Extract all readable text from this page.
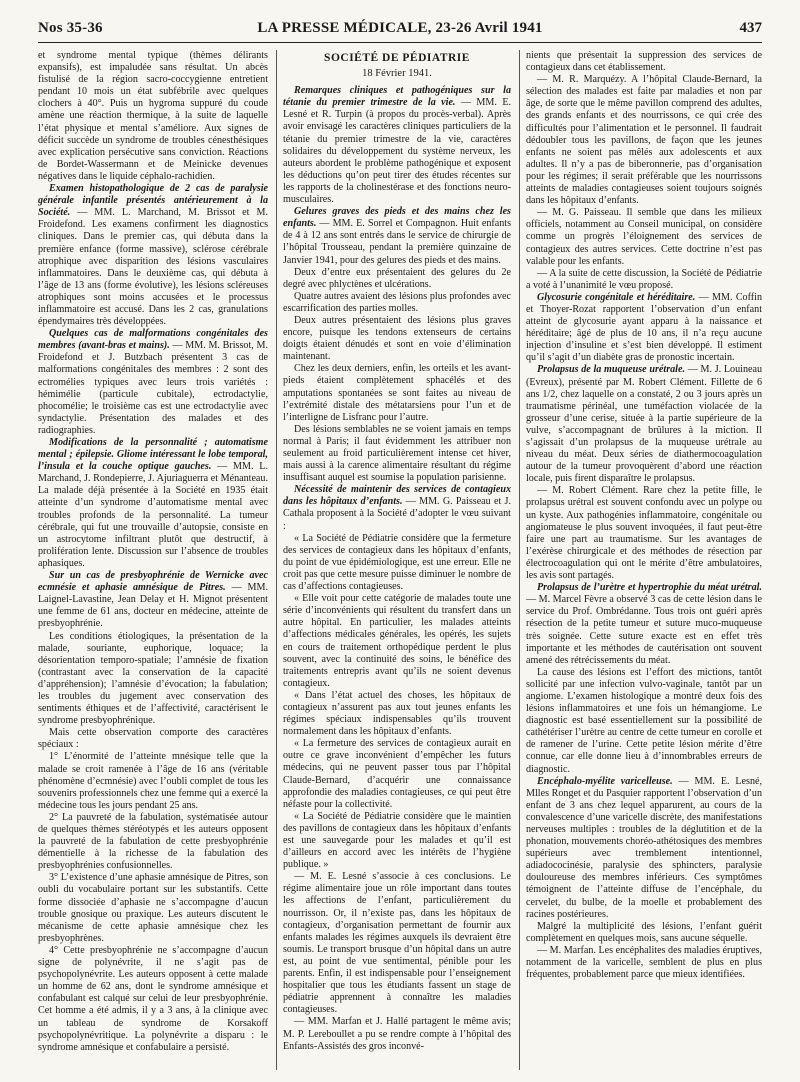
Nos 35-36	LA PRESSE MÉDICALE, 23-26 Avril 1941	437

et syndrome mental typique (thèmes délirants expansifs), est impaludée sans résultat. Un abcès fistulisé de la région sacro-coccygienne entretient pendant 10 mois un état subfébrile avec quelques clochers à 40°. Puis un hygroma suppuré du coude amène une réaction thermique, à la suite de laquelle l’état physique et mental s’améliore. Aux signes de déficit succède un syndrome de troubles cénesthésiques avec explication persécutive sans conviction. Réactions de Bordet-Wassermann et de Meinicke devenues négatives dans le liquide céphalo-rachidien.

Examen histopathologique de 2 cas de paralysie générale infantile présentés antérieurement à la Société. — MM. L. Marchand, M. Brissot et M. Froidefond. Les examens confirment les diagnostics cliniques. Dans le premier cas, qui débuta dans la première enfance (forme massive), sclérose cérébrale atrophique avec disparition des lésions vasculaires inflammatoires. Dans le deuxième cas, qui débuta à l’âge de 13 ans (forme évolutive), les lésions scléreuses atrophiques sont moins accusées et le processus inflammatoire est accusé. Dans les 2 cas, granulations épendymaires très développées.

Quelques cas de malformations congénitales des membres (avant-bras et mains). — MM. M. Brissot, M. Froidefond et J. Butzbach présentent 3 cas de malformations congénitales des membres : 2 sont des ectromélies typiques avec leurs trois variétés : hémimélie (particule cubitale), ectrodactylie, phocomélie; le troisième cas est une ectrodactylie avec syndactylie. Présentation des malades et des radiographies.

Modifications de la personnalité ; automatisme mental ; épilepsie. Gliome intéressant le lobe temporal, l’insula et la couche optique gauches. — MM. L. Marchand, J. Rondepierre, J. Ajuriaguerra et Ménanteau. La malade déjà présentée à la Société en 1935 était atteinte d’un syndrome d’automatisme mental avec troubles profonds de la personnalité. La tumeur cérébrale, qui fut une trouvaille d’autopsie, consiste en un astrocytome infiltrant plutôt que destructif, à prolifération lente. Discussion sur l’absence de troubles aphasiques.

Sur un cas de presbyophrénie de Wernicke avec ecmnésie et aphasie amnésique de Pitres. — MM. Laignel-Lavastine, Jean Delay et H. Mignot présentent une femme de 61 ans, docteur en médecine, atteinte de presbyophrénie.

Les conditions étiologiques, la présentation de la malade, souriante, euphorique, loquace; la désorientation temporo-spatiale; l’amnésie de fixation (contrastant avec la conservation de la capacité d’appréhension); l’amnésie d’évocation; la fabulation; les troubles du jugement avec conservation des sentiments éthiques et de l’affectivité, caractérisent le syndrome presbyophrénique.

Mais cette observation comporte des caractères spéciaux :

1° L’énormité de l’atteinte mnésique telle que la malade se croit ramenée à l’âge de 16 ans (véritable phénomène d’ecmnésie) avec l’oubli complet de tous les souvenirs professionnels chez une femme qui a exercé la médecine tous les jours pendant 25 ans.

2° La pauvreté de la fabulation, systématisée autour de quelques thèmes stéréotypés et les auteurs opposent la pauvreté de la fabulation de cette presbyophrénie démentielle à la richesse de la fabulation des presbyophrénies confusionnelles.

3° L’existence d’une aphasie amnésique de Pitres, son oubli du vocabulaire portant sur les substantifs. Cette forme dissociée d’aphasie ne s’accompagne d’aucun trouble gnosique ou praxique. Les auteurs discutent le mécanisme de cette aphasie amnésique chez les presbyophrènes.

4° Cette presbyophrénie ne s’accompagne d’aucun signe de polynévrite, il ne s’agit pas de psychopolynévrite. Les auteurs opposent à cette malade un homme de 62 ans, dont le syndrome amnésique et confabulant est calqué sur celui de leur presbyophrénie. Cet homme a été admis, il y a 3 ans, à la clinique avec un tableau de syndrome de Korsakoff psychopolynévritique. La polynévrite a disparu : le syndrome amnésique et confabulaire a persisté.

SOCIÉTÉ DE PÉDIATRIE
18 Février 1941.

Remarques cliniques et pathogéniques sur la tétanie du premier trimestre de la vie. — MM. E. Lesné et R. Turpin (à propos du procès-verbal). Après avoir envisagé les caractères cliniques particuliers de la tétanie du premier trimestre de la vie, caractères solidaires du développement du système nerveux, les auteurs abordent le problème pathogénique et exposent les déductions qu’on peut tirer des études récentes sur les rapports de la cholinestérase et des fonctions neuro-musculaires.

Gelures graves des pieds et des mains chez les enfants. — MM. E. Sorrel et Compagnon. Huit enfants de 4 à 12 ans sont entrés dans le service de chirurgie de l’hôpital Trousseau, pendant la première quinzaine de Janvier 1941, pour des gelures des pieds et des mains.

Deux d’entre eux présentaient des gelures du 2e degré avec phlyctènes et ulcérations.

Quatre autres avaient des lésions plus profondes avec escarrification des parties molles.

Deux autres présentaient des lésions plus graves encore, puisque les tendons extenseurs de certains doigts étaient dénudés et sont en voie d’élimination maintenant.

Chez les deux derniers, enfin, les orteils et les avant-pieds étaient complètement sphacélés et des amputations spontanées se sont faites au niveau de l’extrémité distale des métatarsiens pour l’un et de l’interligne de Lisfranc pour l’autre.

Des lésions semblables ne se voient jamais en temps normal à Paris; il faut évidemment les attribuer non seulement au froid particulièrement intense cet hiver, mais aussi à la carence alimentaire résultant du régime insuffisant auquel est soumise la population parisienne.

Nécessité de maintenir des services de contagieux dans les hôpitaux d’enfants. — MM. G. Paisseau et J. Cathala proposent à la Société d’adopter le vœu suivant :

« La Société de Pédiatrie considère que la fermeture des services de contagieux dans les hôpitaux d’enfants, du point de vue épidémiologique, est une erreur. Elle ne croit pas que cette mesure puisse diminuer le nombre de cas d’affections contagieuses.

« Elle voit pour cette catégorie de malades toute une série d’inconvénients qui résultent du transfert dans un autre hôpital. En particulier, les malades atteints d’affections médicales générales, les opérés, les sujets en cours de traitement orthopédique perdent le plus souvent, avec la continuité des soins, le bénéfice des traitements entrepris avant qu’ils ne soient devenus contagieux.

« Dans l’état actuel des choses, les hôpitaux de contagieux n’assurent pas aux tout jeunes enfants les régimes spéciaux indispensables qu’ils trouvent normalement dans les hôpitaux d’enfants.

« La fermeture des services de contagieux aurait en outre ce grave inconvénient d’empêcher les futurs médecins, qui ne peuvent passer tous par l’hôpital Claude-Bernard, d’acquérir une connaissance approfondie des maladies contagieuses, ce qui peut être néfaste pour la collectivité.

« La Société de Pédiatrie considère que le maintien des pavillons de contagieux dans les hôpitaux d’enfants est une sauvegarde pour les malades et qu’il est d’ailleurs en accord avec les intérêts de l’hygiène publique. »

— M. E. Lesné s’associe à ces conclusions. Le régime alimentaire joue un rôle important dans toutes les affections de l’enfant, particulièrement du nourrisson. Or, il n’existe pas, dans les hôpitaux de contagieux, d’organisation permettant de fournir aux enfants malades les régimes auxquels ils devraient être soumis. Le transport brusque d’un hôpital dans un autre est, au point de vue sentimental, pénible pour les parents. Enfin, il est indispensable pour l’enseignement hospitalier que tous les étudiants fassent un stage de pédiatrie apprennent à connaître les maladies contagieuses.

— MM. Marfan et J. Hallé partagent le même avis; M. P. Lereboullet a pu se rendre compte à l’hôpital des Enfants-Assistés des gros inconvé-

nients que présentait la suppression des services de contagieux dans cet établissement.

— M. R. Marquézy. A l’hôpital Claude-Bernard, la sélection des malades est faite par maladies et non par âge, de sorte que le même pavillon comprend des adultes, des grands enfants et des nourrissons, ce qui crée des difficultés pour l’alimentation et le personnel. Il faudrait dédoubler tous les pavillons, de façon que les jeunes enfants ne soient pas mêlés aux adolescents et aux adultes. Il n’y a pas de biberonnerie, pas d’organisation pour les régimes; il serait préférable que les nourrissons atteints de maladies contagieuses soient toujours soignés dans les hôpitaux d’enfants.

— M. G. Paisseau. Il semble que dans les milieux officiels, notamment au Conseil municipal, on considère comme un progrès l’éloignement des services de contagieux des autres services. Cette doctrine n’est pas valable pour les enfants.

— A la suite de cette discussion, la Société de Pédiatrie a voté à l’unanimité le vœu proposé.

Glycosurie congénitale et héréditaire. — MM. Coffin et Thoyer-Rozat rapportent l’observation d’un enfant atteint de glycosurie ayant apparu à la naissance et héréditaire; âgé de plus de 10 ans, il n’a reçu aucune injection d’insuline et s’est bien développé. Il estiment qu’il s’agit d’un diabète gras de pronostic incertain.

Prolapsus de la muqueuse urétrale. — M. J. Louineau (Evreux), présenté par M. Robert Clément. Fillette de 6 ans 1/2, chez laquelle on a constaté, 2 ou 3 jours après un traumatisme périnéal, une tuméfaction violacée de la grosseur d’une cerise, située à la partie supérieure de la vulve, s’accompagnant de brûlures à la miction. Il s’agissait d’un prolapsus de la muqueuse urétrale au niveau du méat. Deux séries de diathermocoagulation autour de la tumeur provoquèrent d’abord une réaction locale, puis firent disparaître le prolapsus.

— M. Robert Clément. Rare chez la petite fille, le prolapsus urétral est souvent confondu avec un polype ou un kyste. Aux pathogénies inflammatoire, congénitale ou angiomateuse le plus souvent invoquées, il faut peut-être faire une part au traumatisme. Sur les avantages de l’exérèse chirurgicale et des méthodes de résection par électrocoagulation qui ont le mérite d’être ambulatoires, les avis sont partagés.

Prolapsus de l’urètre et hypertrophie du méat urétral. — M. Marcel Fèvre a observé 3 cas de cette lésion dans le service du Prof. Ombrédanne. Tous trois ont guéri après résection de la petite tumeur et suture muco-muqueuse très soignée. Cette suture exacte est en effet très importante et les méthodes de cautérisation ont souvent amené des rétrécissements du méat.

La cause des lésions est l’effort des mictions, tantôt sollicité par une infection vulvo-vaginale, tantôt par un angiome. L’examen histologique a montré deux fois des lésions inflammatoires et une fois un hémangiome. Le diagnostic est basé essentiellement sur la possibilité de cathétériser l’urètre au centre de cette tumeur en corolle et de ramener de l’urine. Cette petite lésion mérite d’être connue, car elle donne lieu à d’innombrables erreurs de diagnostic.

Encéphalo-myélite varicelleuse. — MM. E. Lesné, Mlles Ronget et du Pasquier rapportent l’observation d’un enfant de 3 ans chez lequel apparurent, au cours de la convalescence d’une varicelle discrète, des manifestations nerveuses multiples : troubles de la déglutition et de la phonation, mouvements choréo-athétosiques des membres supérieurs avec tremblement intentionnel, adiadococinésie, paralysie des sphincters, paralysie douloureuse des membres inférieurs. Ces symptômes témoignent de l’atteinte diffuse de l’encéphale, du cervelet, du bulbe, de la moelle et probablement des racines postérieures.

Malgré la multiplicité des lésions, l’enfant guérit complètement en quelques mois, sans aucune séquelle.

— M. Marfan. Les encéphalites des maladies éruptives, notamment de la varicelle, semblent de plus en plus fréquentes, probablement parce que mieux identifiées.
